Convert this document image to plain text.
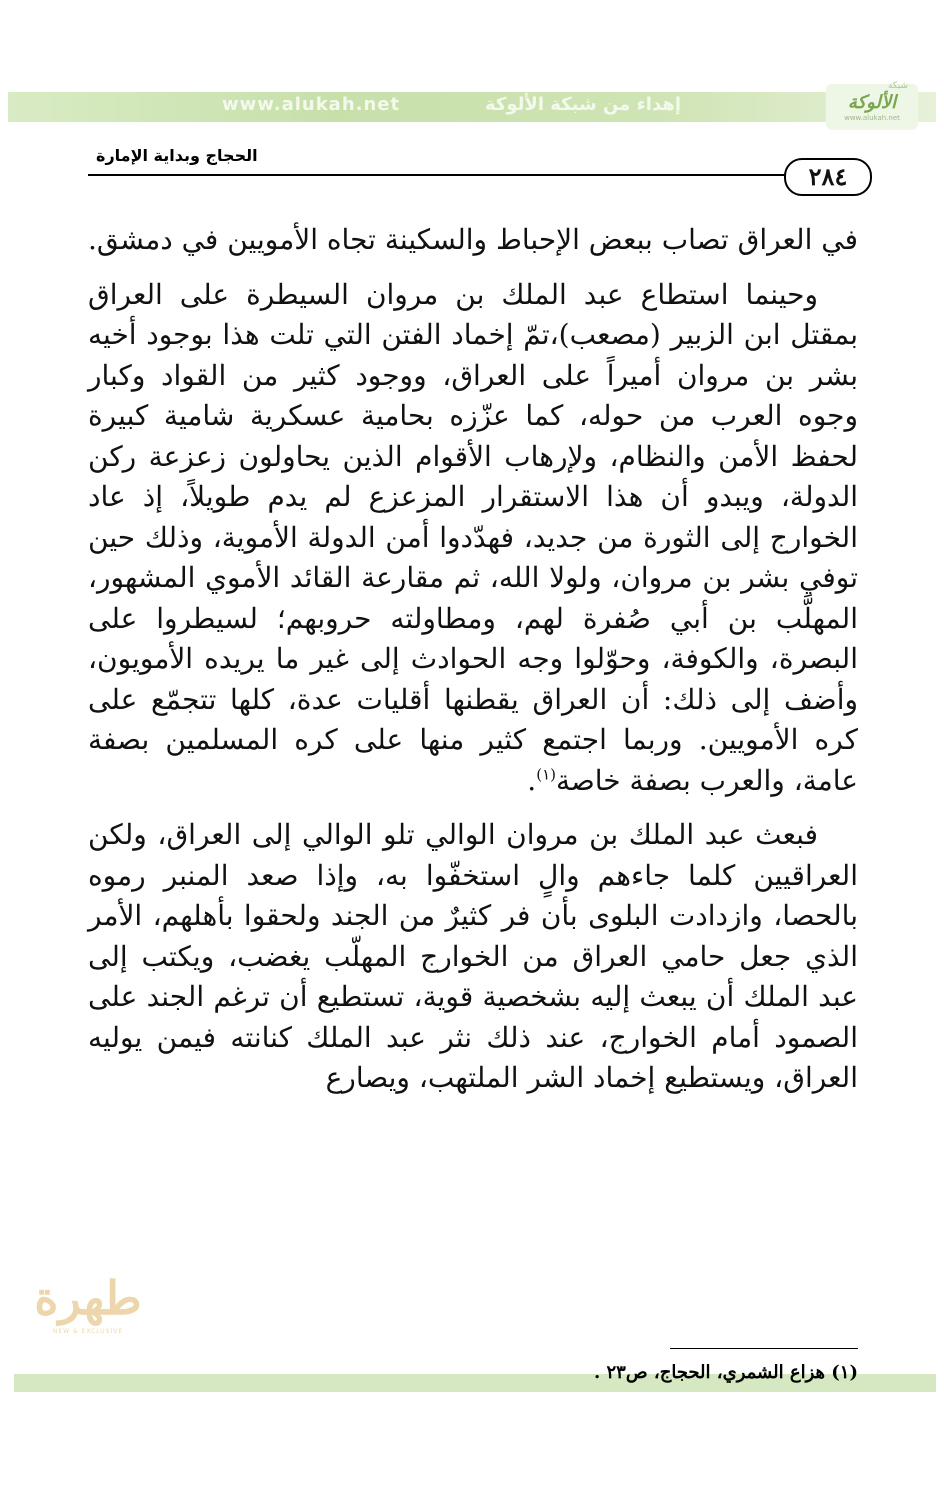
www.alukah.net	إهداء من شبكة الألوكة
شبكة
الألوكة
www.alukah.net
الحجاج وبداية الإمارة
٢٨٤

في العراق تصاب ببعض الإحباط والسكينة تجاه الأمويين في دمشق.

وحينما استطاع عبد الملك بن مروان السيطرة على العراق بمقتل ابن الزبير (مصعب)،تمّ إخماد الفتن التي تلت هذا بوجود أخيه بشر بن مروان أميراً على العراق، ووجود كثير من القواد وكبار وجوه العرب من حوله، كما عزّزه بحامية عسكرية شامية كبيرة لحفظ الأمن والنظام، ولإرهاب الأقوام الذين يحاولون زعزعة ركن الدولة، ويبدو أن هذا الاستقرار المزعزع لم يدم طويلاً، إذ عاد الخوارج إلى الثورة من جديد، فهدّدوا أمن الدولة الأموية، وذلك حين توفي بشر بن مروان، ولولا الله، ثم مقارعة القائد الأموي المشهور، المهلَّب بن أبي صُفرة لهم، ومطاولته حروبهم؛ لسيطروا على البصرة، والكوفة، وحوّلوا وجه الحوادث إلى غير ما يريده الأمويون، وأضف إلى ذلك: أن العراق يقطنها أقليات عدة، كلها تتجمّع على كره الأمويين. وربما اجتمع كثير منها على كره المسلمين بصفة عامة، والعرب بصفة خاصة$^{(١)}$.

فبعث عبد الملك بن مروان الوالي تلو الوالي إلى العراق، ولكن العراقيين كلما جاءهم والٍ استخفّوا به، وإذا صعد المنبر رموه بالحصا، وازدادت البلوى بأن فر كثيرٌ من الجند ولحقوا بأهلهم، الأمر الذي جعل حامي العراق من الخوارج المهلّب يغضب، ويكتب إلى عبد الملك أن يبعث إليه بشخصية قوية، تستطيع أن ترغم الجند على الصمود أمام الخوارج، عند ذلك نثر عبد الملك كنانته فيمن يوليه العراق، ويستطيع إخماد الشر الملتهب، ويصارع

طهرة
NEW & EXCLUSIVE
(١) هزاع الشمري، الحجاج، ص٢٣ .
